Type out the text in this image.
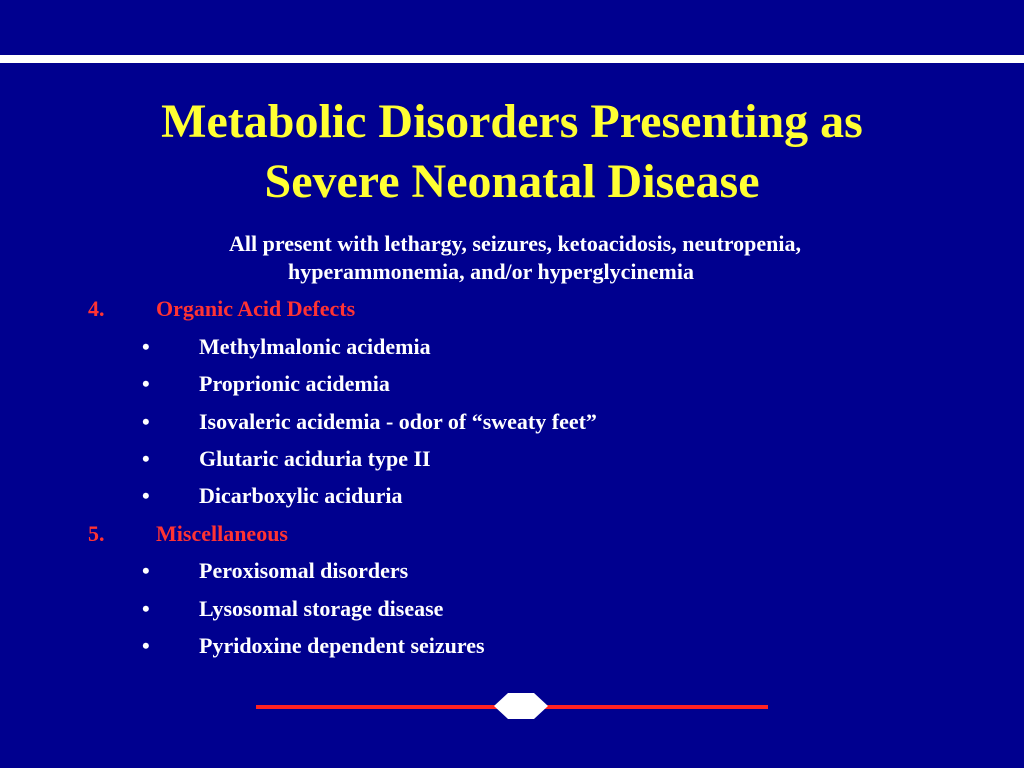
Metabolic Disorders Presenting as
Severe Neonatal Disease
All present with lethargy, seizures, ketoacidosis, neutropenia,
hyperammonemia, and/or hyperglycinemia
4. Organic Acid Defects
• Methylmalonic acidemia
• Proprionic acidemia
• Isovaleric acidemia - odor of “sweaty feet”
• Glutaric aciduria type II
• Dicarboxylic aciduria
5. Miscellaneous
• Peroxisomal disorders
• Lysosomal storage disease
• Pyridoxine dependent seizures
